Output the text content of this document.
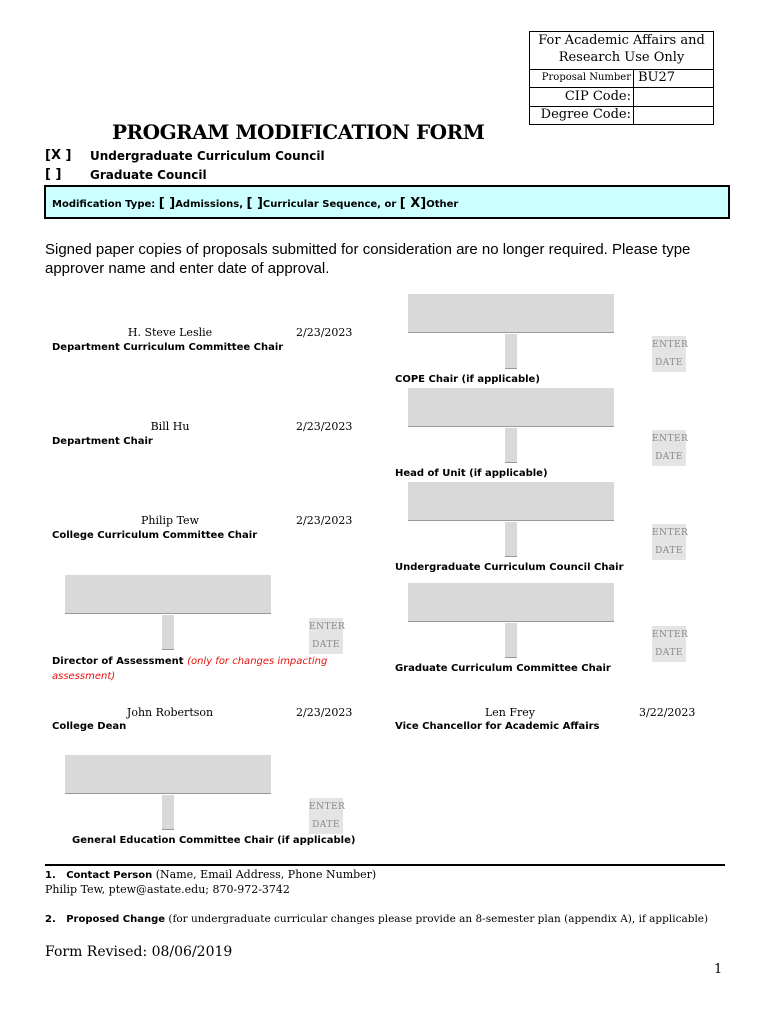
For Academic Affairs and
Research Use Only
Proposal Number BU27
CIP Code:
Degree Code:
PROGRAM MODIFICATION FORM
[X ] Undergraduate Curriculum Council
[ ] Graduate Council
Modification Type: [ ]Admissions, [ ]Curricular Sequence, or [ X]Other
Signed paper copies of proposals submitted for consideration are no longer required. Please type approver name and enter date of approval.
H. Steve Leslie	2/23/2023
Department Curriculum Committee Chair
Bill Hu	2/23/2023
Department Chair
Philip Tew	2/23/2023
College Curriculum Committee Chair
ENTER
DATE
Director of Assessment (only for changes impacting
assessment)
John Robertson	2/23/2023
College Dean
ENTER
DATE
General Education Committee Chair (if applicable)
ENTER
DATE
COPE Chair (if applicable)
ENTER
DATE
Head of Unit (if applicable)
ENTER
DATE
Undergraduate Curriculum Council Chair
ENTER
DATE
Graduate Curriculum Committee Chair
Len Frey	3/22/2023
Vice Chancellor for Academic Affairs
1. Contact Person (Name, Email Address, Phone Number)
Philip Tew, ptew@astate.edu; 870-972-3742
2. Proposed Change (for undergraduate curricular changes please provide an 8-semester plan (appendix A), if applicable)
Form Revised: 08/06/2019
1
